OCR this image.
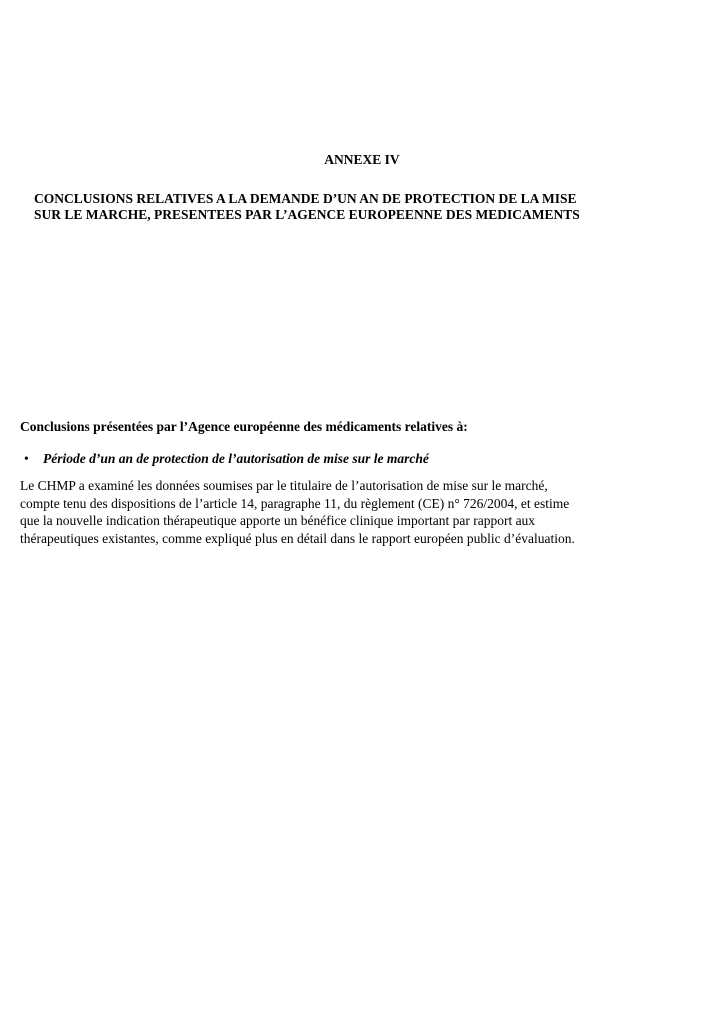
ANNEXE IV
CONCLUSIONS RELATIVES A LA DEMANDE D’UN AN DE PROTECTION DE LA MISE
SUR LE MARCHE, PRESENTEES PAR L’AGENCE EUROPEENNE DES MEDICAMENTS
Conclusions présentées par l’Agence européenne des médicaments relatives à:
• Période d’un an de protection de l’autorisation de mise sur le marché
Le CHMP a examiné les données soumises par le titulaire de l’autorisation de mise sur le marché,
compte tenu des dispositions de l’article 14, paragraphe 11, du règlement (CE) n° 726/2004, et estime
que la nouvelle indication thérapeutique apporte un bénéfice clinique important par rapport aux
thérapeutiques existantes, comme expliqué plus en détail dans le rapport européen public d’évaluation.
